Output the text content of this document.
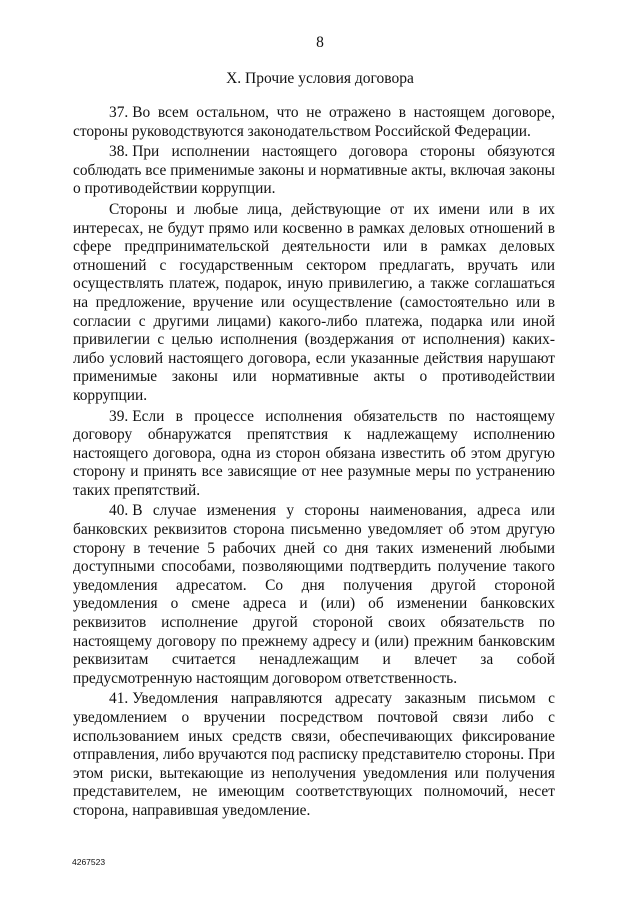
8
X. Прочие условия договора

37. Во всем остальном, что не отражено в настоящем договоре, стороны руководствуются законодательством Российской Федерации.

38. При исполнении настоящего договора стороны обязуются соблюдать все применимые законы и нормативные акты, включая законы о противодействии коррупции.

Стороны и любые лица, действующие от их имени или в их интересах, не будут прямо или косвенно в рамках деловых отношений в сфере предпринимательской деятельности или в рамках деловых отношений с государственным сектором предлагать, вручать или осуществлять платеж, подарок, иную привилегию, а также соглашаться на предложение, вручение или осуществление (самостоятельно или в согласии с другими лицами) какого-либо платежа, подарка или иной привилегии с целью исполнения (воздержания от исполнения) каких-либо условий настоящего договора, если указанные действия нарушают применимые законы или нормативные акты о противодействии коррупции.

39. Если в процессе исполнения обязательств по настоящему договору обнаружатся препятствия к надлежащему исполнению настоящего договора, одна из сторон обязана известить об этом другую сторону и принять все зависящие от нее разумные меры по устранению таких препятствий.

40. В случае изменения у стороны наименования, адреса или банковских реквизитов сторона письменно уведомляет об этом другую сторону в течение 5 рабочих дней со дня таких изменений любыми доступными способами, позволяющими подтвердить получение такого уведомления адресатом. Со дня получения другой стороной уведомления о смене адреса и (или) об изменении банковских реквизитов исполнение другой стороной своих обязательств по настоящему договору по прежнему адресу и (или) прежним банковским реквизитам считается ненадлежащим и влечет за собой предусмотренную настоящим договором ответственность.

41. Уведомления направляются адресату заказным письмом с уведомлением о вручении посредством почтовой связи либо с использованием иных средств связи, обеспечивающих фиксирование отправления, либо вручаются под расписку представителю стороны. При этом риски, вытекающие из неполучения уведомления или получения представителем, не имеющим соответствующих полномочий, несет сторона, направившая уведомление.

4267523
